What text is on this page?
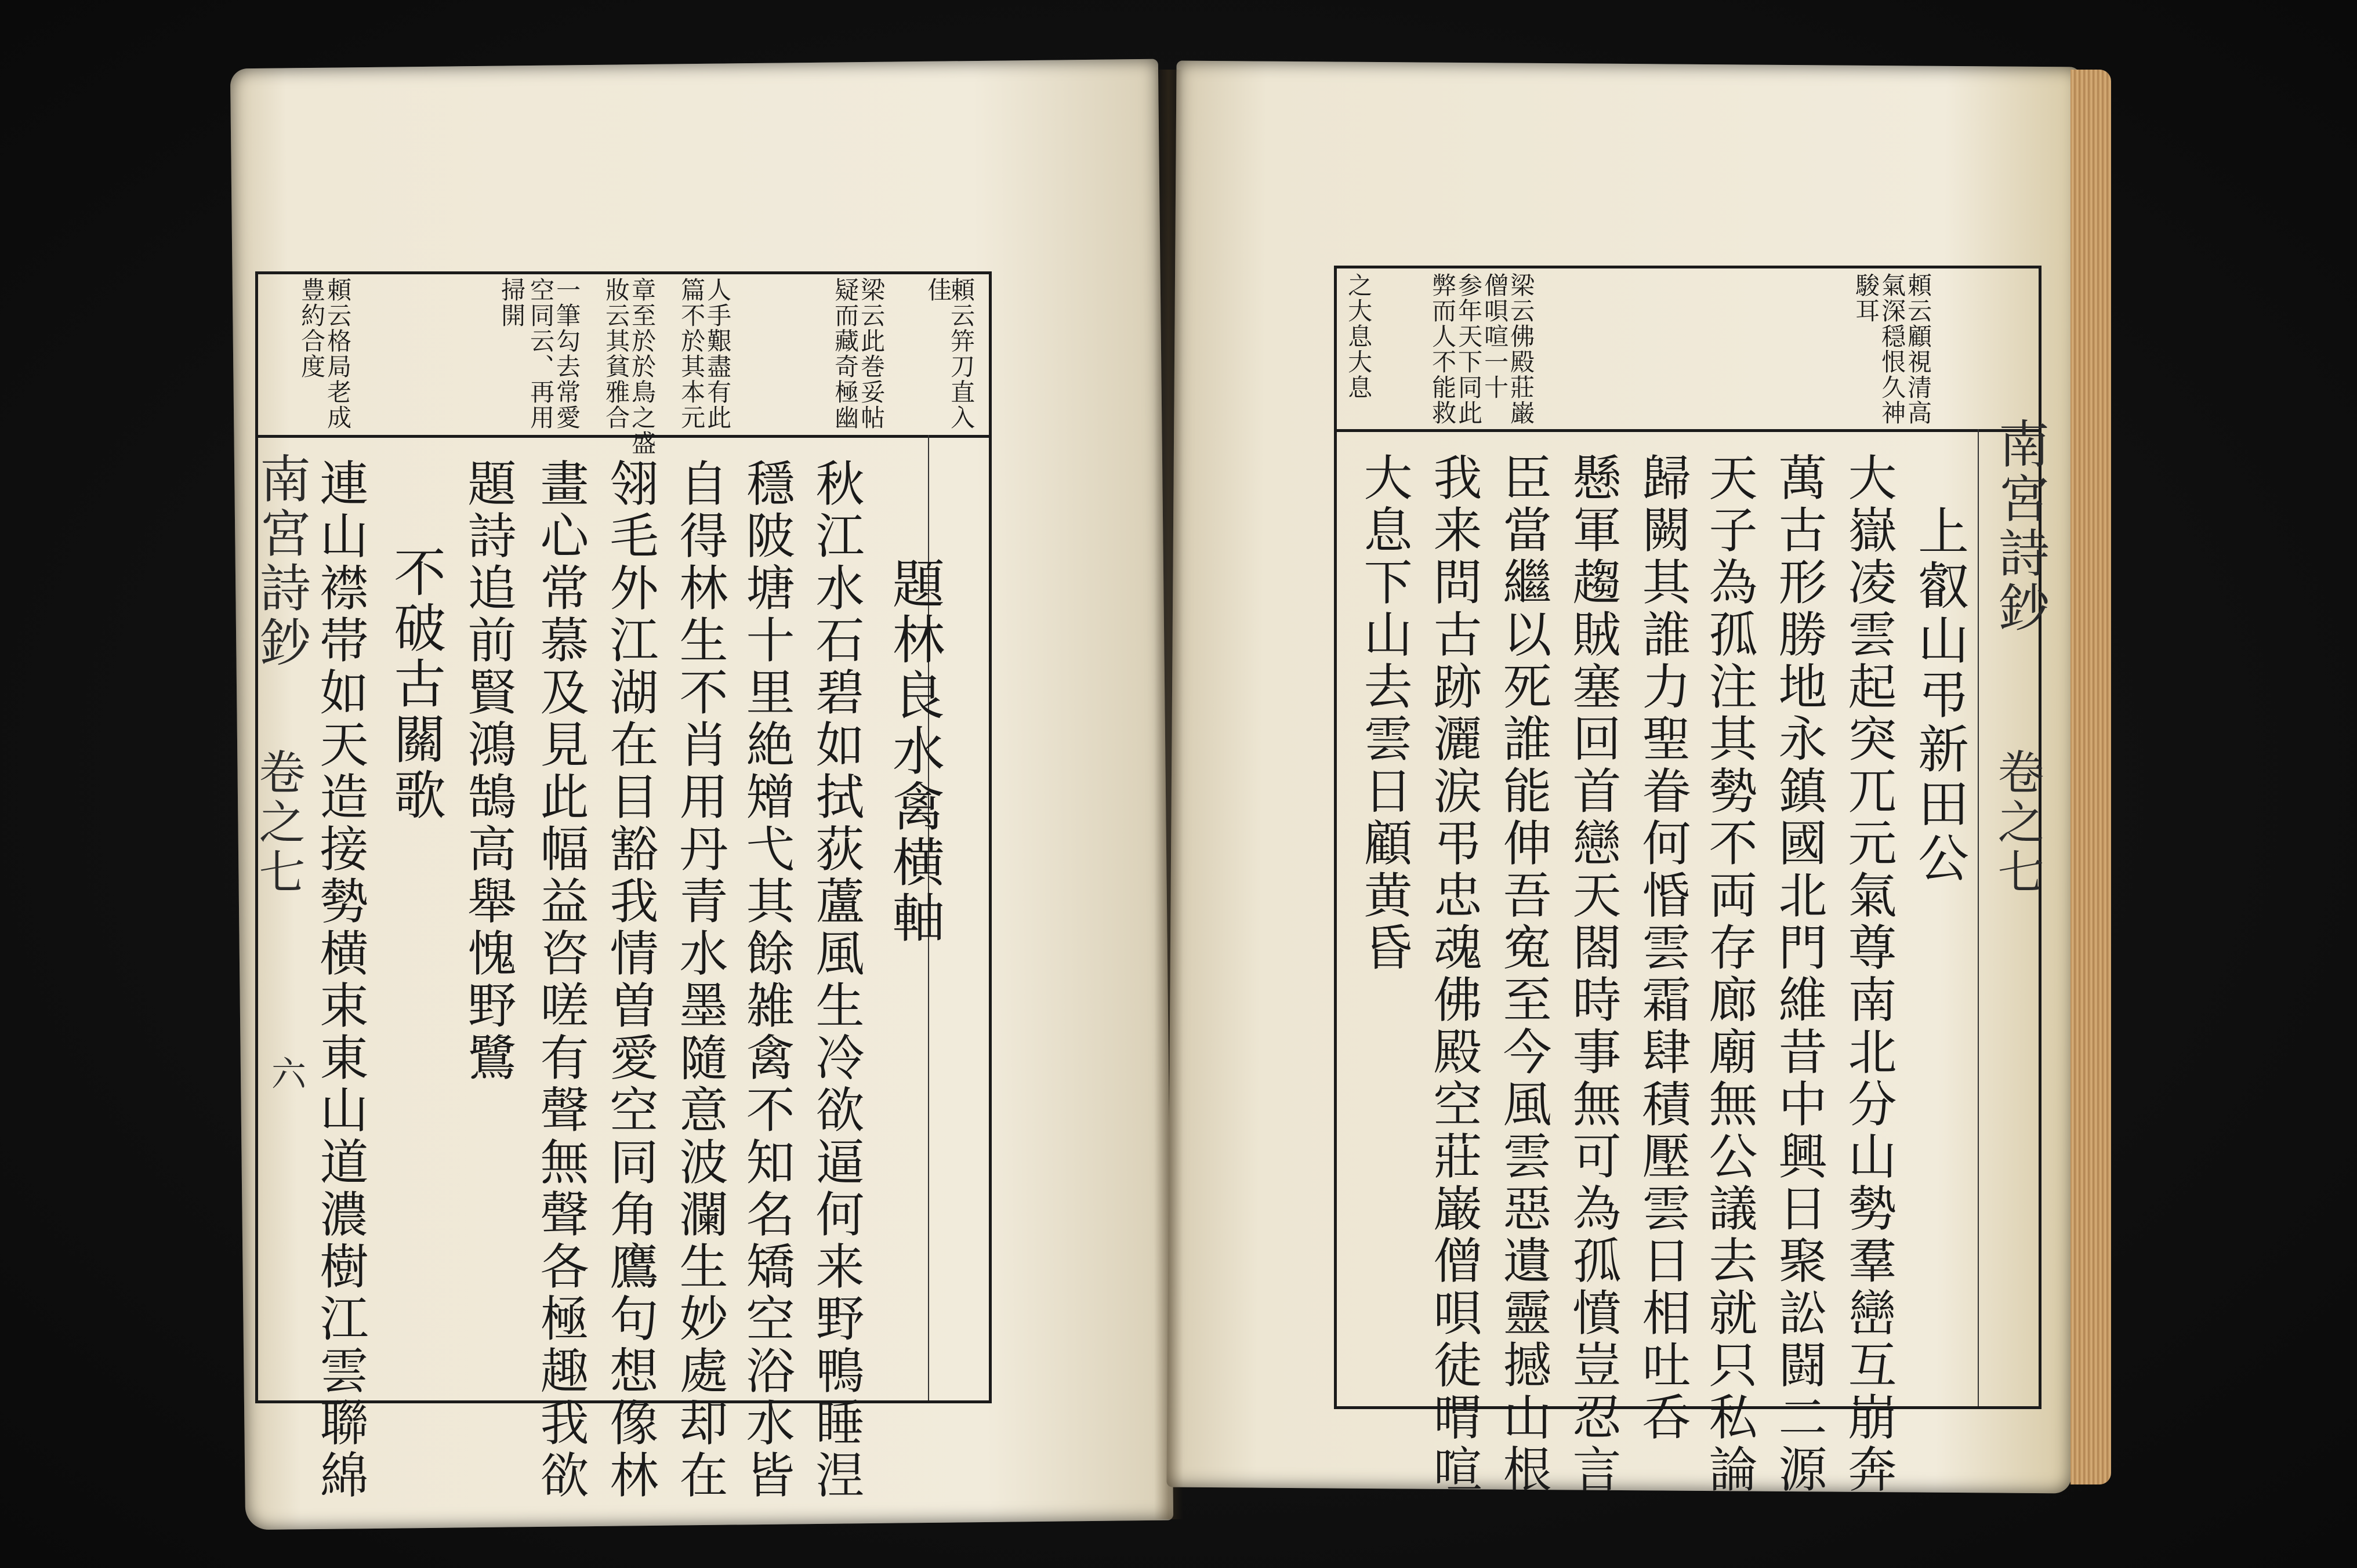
南宮詩鈔
卷之七
六
頼云笄刀直入
佳
梁云此巻妥帖
疑而藏奇極幽
人手艱盡有此
篇不於其本元
章至於於鳥之盛
妝云其貧雅合
一筆勾去常愛
空同云、再用
掃開
頼云格局老成
豊約合度
題林良水禽横軸
秋江水石碧如拭荻蘆風生冷欲逼何来野鴨睡𣵀
穩陂塘十里絶矰弋其餘雑禽不知名矯空浴水皆
自得林生不肖用丹青水墨隨意波瀾生妙處却在
翎毛外江湖在目豁我情曽愛空同角鷹句想像林
畫心常慕及見此幅益咨嗟有聲無聲各極趣我欲
題詩追前賢鴻鵠高舉愧野鷺
不破古關歌
連山襟帯如天造接勢横束東山道濃樹江雲聯綿	南宮詩鈔
卷之七
頼云顧視清高
氣深穏恨久神
駿耳
梁云佛殿莊巌
僧唄喧一十
参年天下同此
弊而人不能救
之大息大息
上叡山弔新田公
大嶽凌雲起突兀元氣尊南北分山勢羣巒互崩奔
萬古形勝地永鎮國北門維昔中興日聚訟闘二源
天子為孤注其勢不両存廊廟無公議去就只私論
歸闕其誰力聖眷何惛雲霜肆積壓雲日相吐呑
懸軍趨賊塞回首戀天閤時事無可為孤憤豈忍言
臣當繼以死誰能伸吾寃至今風雲惡遺靈撼山根
我来問古跡灑涙弔忠魂佛殿空莊巌僧唄徒喟喧
大息下山去雲日顧黄昏
